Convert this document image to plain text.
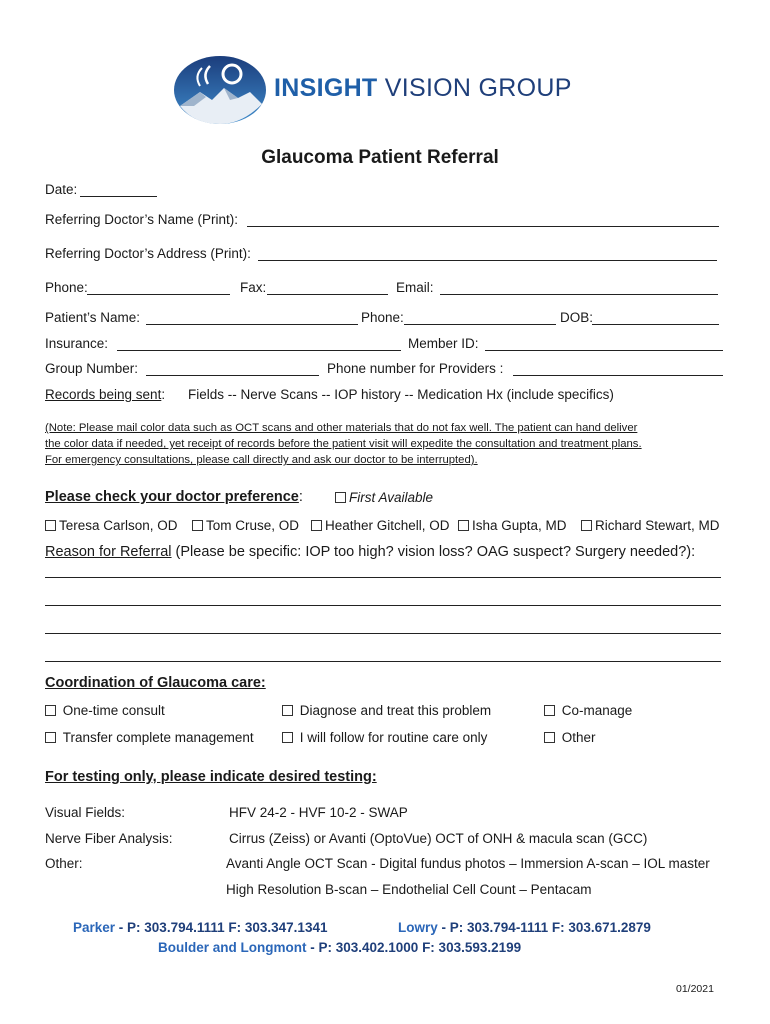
INSIGHT VISION GROUP
Glaucoma Patient Referral
Date:
Referring Doctor’s Name (Print):
Referring Doctor’s Address (Print):
Phone:	Fax:	Email:
Patient’s Name:	Phone:	DOB:
Insurance:	Member ID:
Group Number:	Phone number for Providers :
Records being sent: Fields -- Nerve Scans -- IOP history -- Medication Hx (include specifics)
(Note: Please mail color data such as OCT scans and other materials that do not fax well. The patient can hand deliver
the color data if needed, yet receipt of records before the patient visit will expedite the consultation and treatment plans.
For emergency consultations, please call directly and ask our doctor to be interrupted).
Please check your doctor preference:	First Available
Teresa Carlson, OD	Tom Cruse, OD	Heather Gitchell, OD	Isha Gupta, MD	Richard Stewart, MD
Reason for Referral (Please be specific: IOP too high? vision loss? OAG suspect? Surgery needed?):
Coordination of Glaucoma care:
One-time consult	Diagnose and treat this problem	Co-manage
Transfer complete management	I will follow for routine care only	Other
For testing only, please indicate desired testing:
Visual Fields:	HFV 24-2 - HVF 10-2 - SWAP
Nerve Fiber Analysis:	Cirrus (Zeiss) or Avanti (OptoVue) OCT of ONH & macula scan (GCC)
Other:	Avanti Angle OCT Scan - Digital fundus photos – Immersion A-scan – IOL master
High Resolution B-scan – Endothelial Cell Count – Pentacam
Parker - P: 303.794.1111 F: 303.347.1341	Lowry - P: 303.794-1111 F: 303.671.2879
Boulder and Longmont - P: 303.402.1000 F: 303.593.2199
01/2021
